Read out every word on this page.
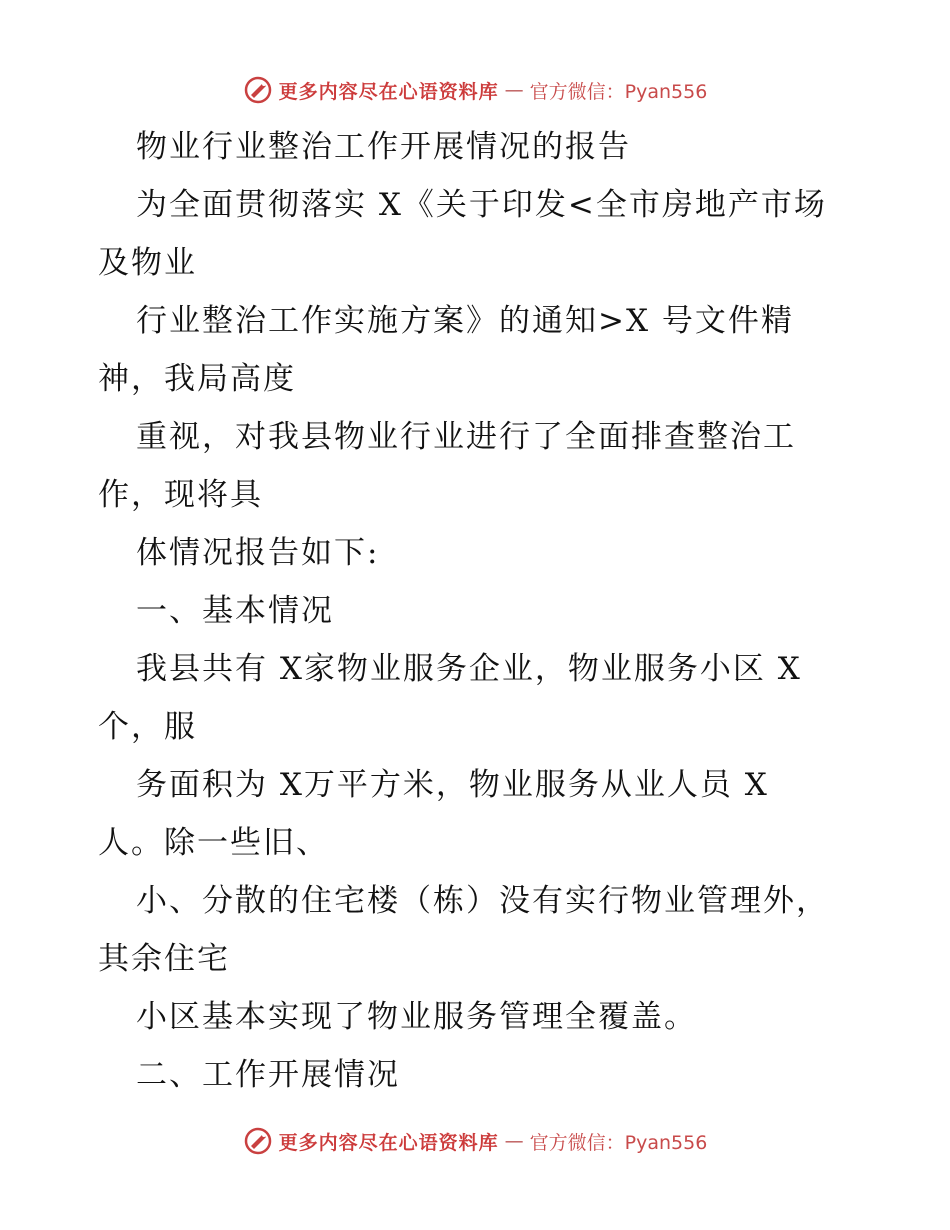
更多内容尽在心语资料库 — 官方微信：Pyan556
物业行业整治工作开展情况的报告
为全面贯彻落实 X《关于印发<全市房地产市场
及物业
行业整治工作实施方案》的通知>X 号文件精
神，我局高度
重视，对我县物业行业进行了全面排查整治工
作，现将具
体情况报告如下:
一、基本情况
我县共有 X家物业服务企业，物业服务小区 X
个，服
务面积为 X万平方米，物业服务从业人员 X
人。除一些旧、
小、分散的住宅楼（栋）没有实行物业管理外，
其余住宅
小区基本实现了物业服务管理全覆盖。
二、工作开展情况
更多内容尽在心语资料库 — 官方微信：Pyan556
